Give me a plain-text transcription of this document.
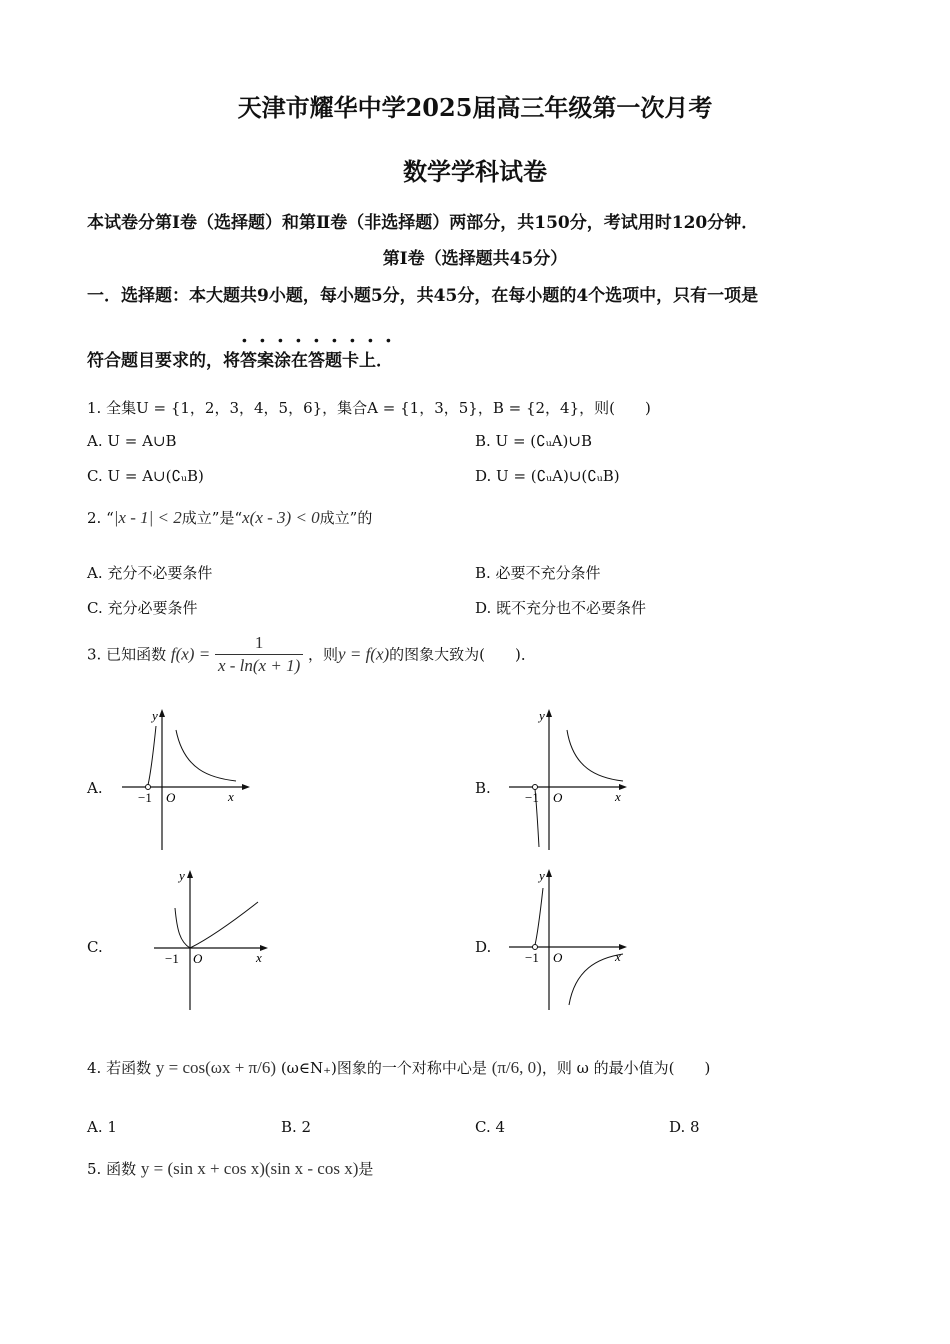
天津市耀华中学2025届高三年级第一次月考
数学学科试卷
本试卷分第Ⅰ卷（选择题）和第Ⅱ卷（非选择题）两部分，共150分，考试用时120分钟．
第Ⅰ卷（选择题共45分）
一．选择题：本大题共9小题，每小题5分，共45分，在每小题的4个选项中，只有一项是
．．．．．．．．．
符合题目要求的，将答案涂在答题卡上．
1. 全集U = {1，2，3，4，5，6}，集合A = {1，3，5}，B = {2，4}，则(　　)
A. U = A∪B	B. U = (∁ᵤA)∪B
C. U = A∪(∁ᵤB)	D. U = (∁ᵤA)∪(∁ᵤB)
2. “|x - 1| < 2成立”是“x(x - 3) < 0成立”的
A. 充分不必要条件	B. 必要不充分条件
C. 充分必要条件	D. 既不充分也不必要条件
3. 已知函数 $f(x) = \frac{1}{x - \ln(x + 1)}$ ，则y = f(x)的图象大致为(　　)．
A.	B.
C.	D.
−1 O	x
y
−1 O	x
y
−1 O	x
y
−1 O	x
y
4. 若函数 y = cos(ωx + π/6) (ω∈N₊)图象的一个对称中心是 (π/6, 0)，则 ω 的最小值为(　　)
A. 1	B. 2	C. 4	D. 8
5. 函数 y = (sin x + cos x)(sin x - cos x)是
